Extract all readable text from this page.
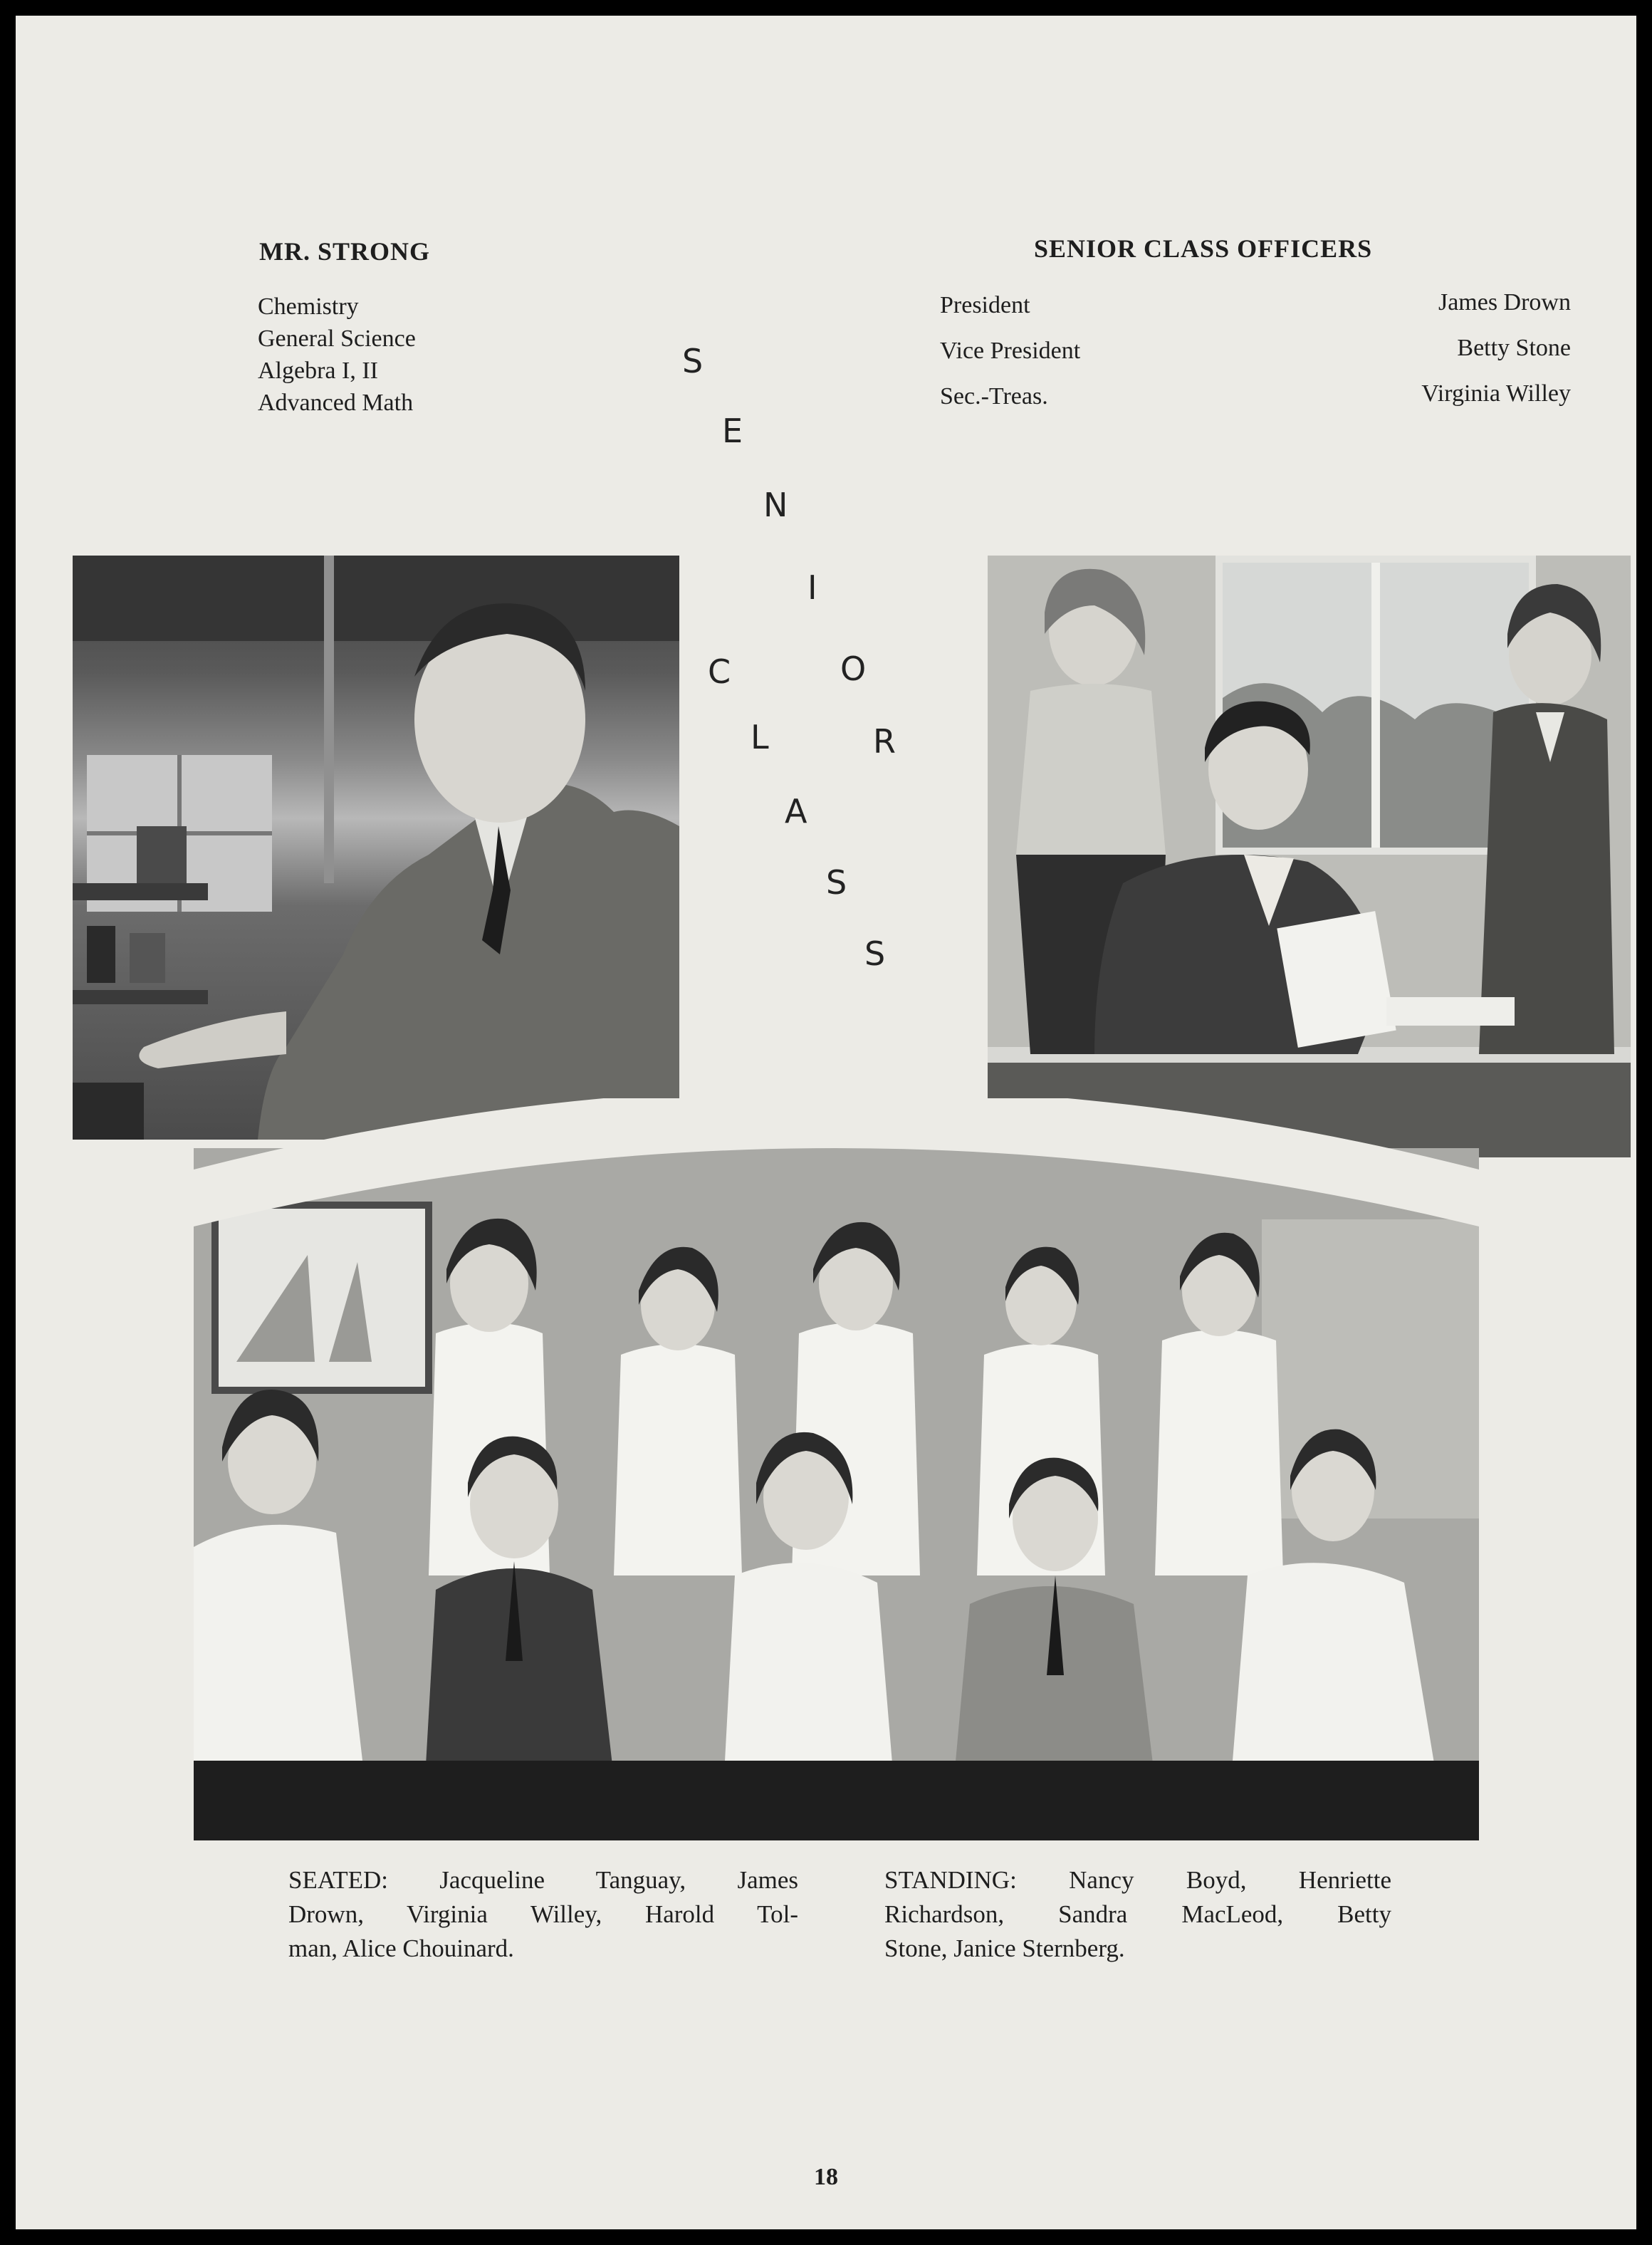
MR. STRONG
Chemistry
General Science
Algebra I, II
Advanced Math
SENIOR CLASS OFFICERS
President	James Drown
Vice President	Betty Stone
Sec.-Treas.	Virginia Willey
S
E
N
I
O
R
C
L
A
S
S
SEATED: Jacqueline Tanguay, James
Drown, Virginia Willey, Harold Tol-
man, Alice Chouinard.
STANDING: Nancy Boyd, Henriette
Richardson, Sandra MacLeod, Betty
Stone, Janice Sternberg.
18
